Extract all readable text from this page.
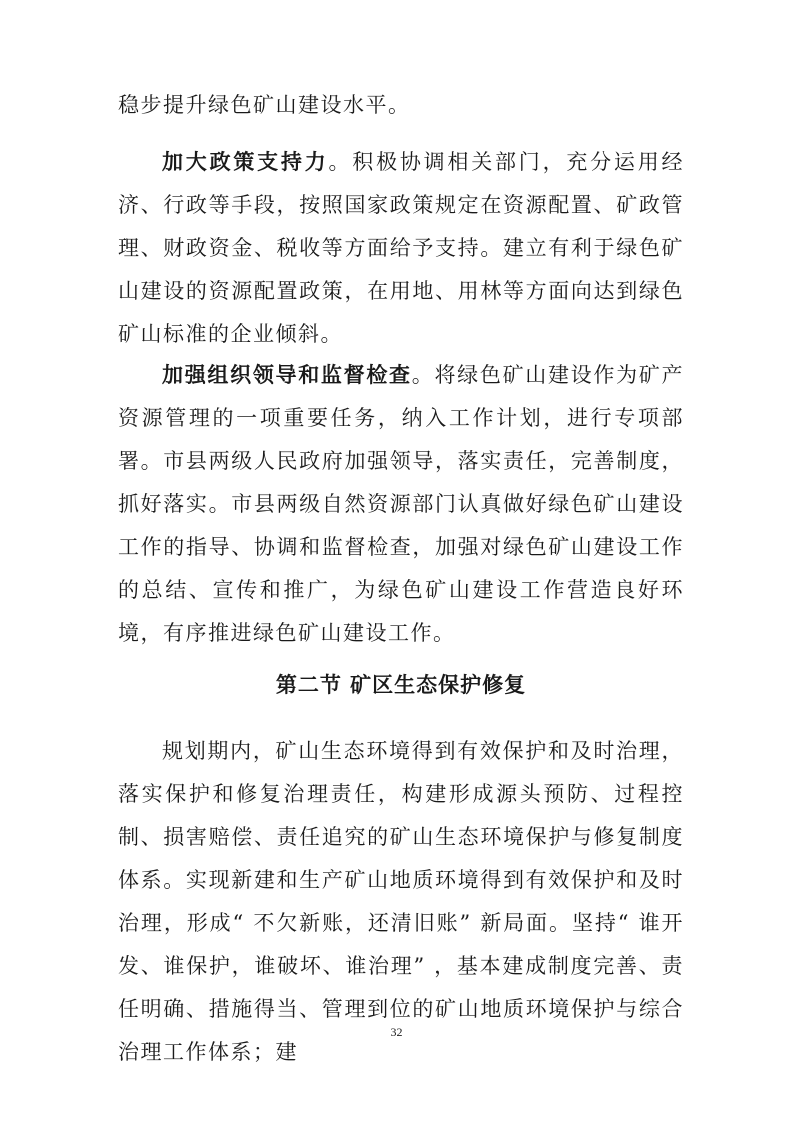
稳步提升绿色矿山建设水平。

加大政策支持力。积极协调相关部门，充分运用经济、行政等手段，按照国家政策规定在资源配置、矿政管理、财政资金、税收等方面给予支持。建立有利于绿色矿山建设的资源配置政策，在用地、用林等方面向达到绿色矿山标准的企业倾斜。

加强组织领导和监督检查。将绿色矿山建设作为矿产资源管理的一项重要任务，纳入工作计划，进行专项部署。市县两级人民政府加强领导，落实责任，完善制度，抓好落实。市县两级自然资源部门认真做好绿色矿山建设工作的指导、协调和监督检查，加强对绿色矿山建设工作的总结、宣传和推广，为绿色矿山建设工作营造良好环境，有序推进绿色矿山建设工作。

第二节 矿区生态保护修复

规划期内，矿山生态环境得到有效保护和及时治理，落实保护和修复治理责任，构建形成源头预防、过程控制、损害赔偿、责任追究的矿山生态环境保护与修复制度体系。实现新建和生产矿山地质环境得到有效保护和及时治理，形成“ 不欠新账，还清旧账” 新局面。坚持“ 谁开发、谁保护，谁破坏、谁治理” ，基本建成制度完善、责任明确、措施得当、管理到位的矿山地质环境保护与综合治理工作体系；建

32
